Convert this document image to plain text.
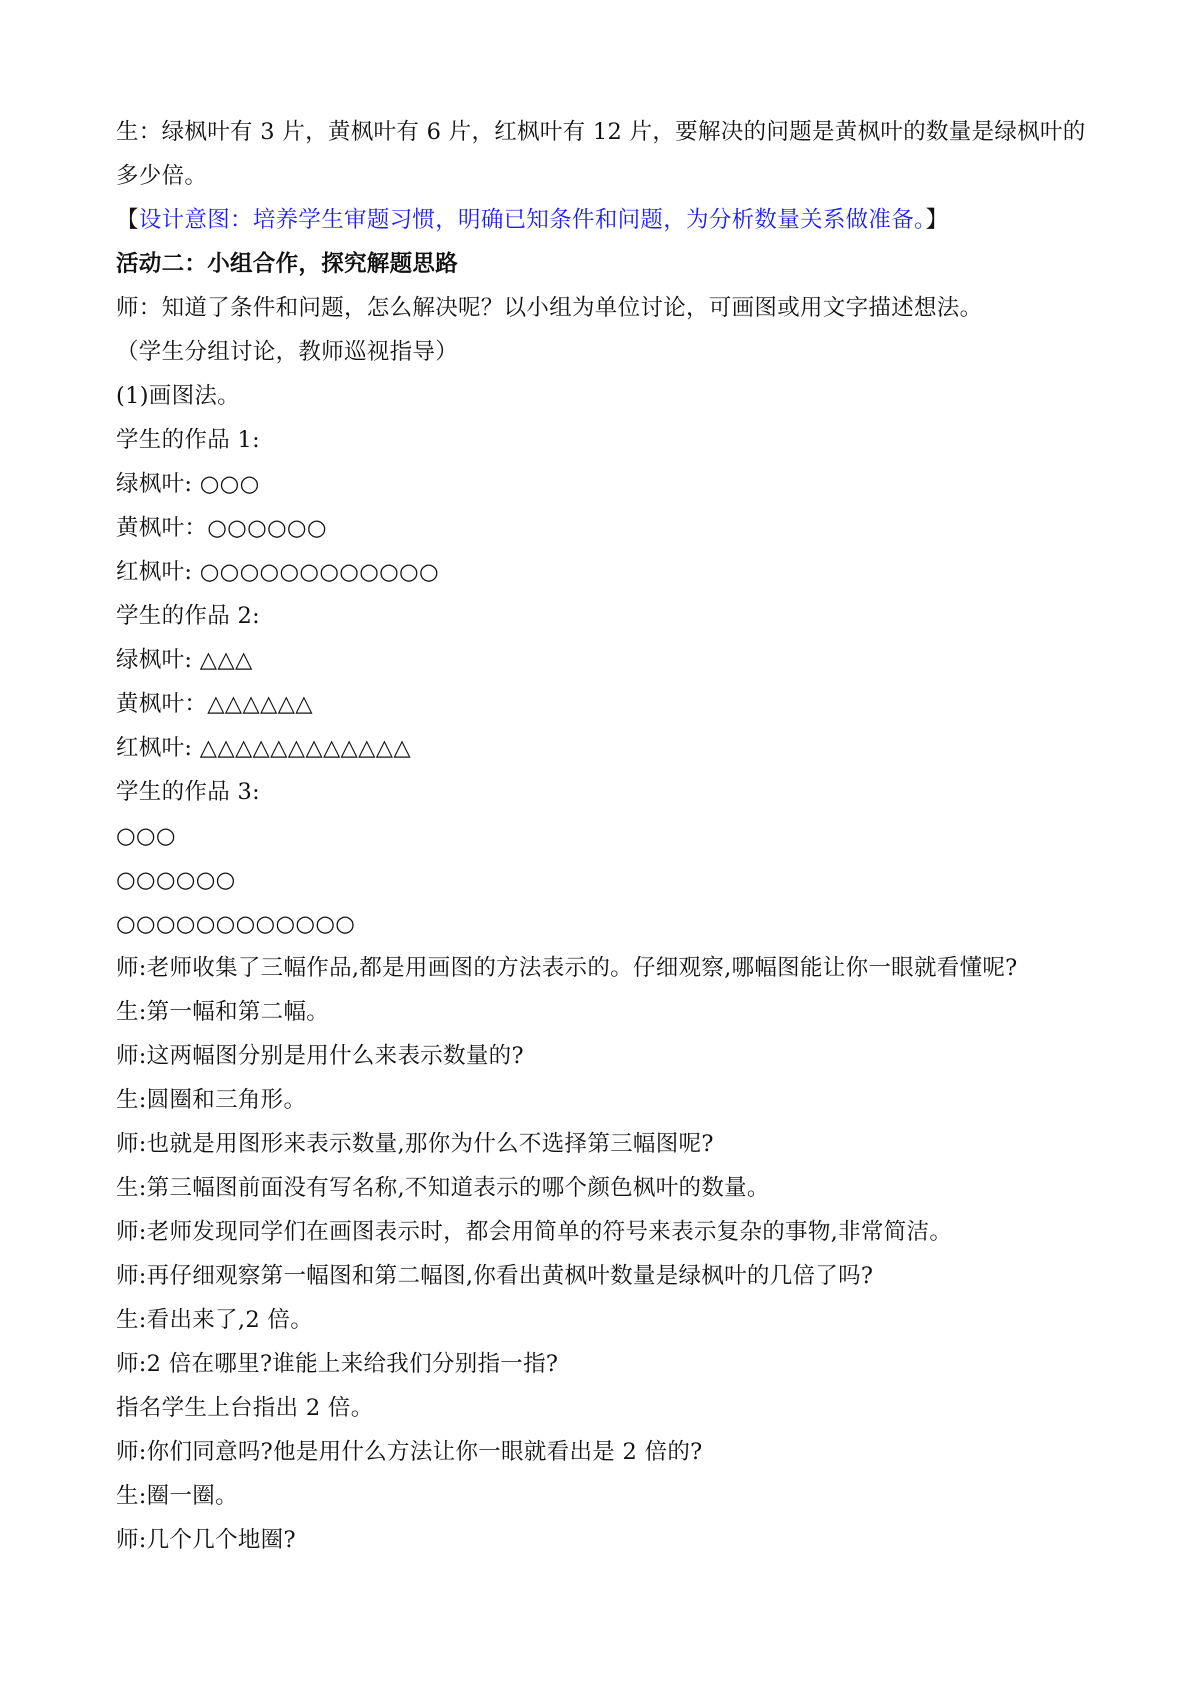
生：绿枫叶有 3 片，黄枫叶有 6 片，红枫叶有 12 片，要解决的问题是黄枫叶的数量是绿枫叶的多少倍。
【设计意图：培养学生审题习惯，明确已知条件和问题，为分析数量关系做准备。】
活动二：小组合作，探究解题思路
师：知道了条件和问题，怎么解决呢？以小组为单位讨论，可画图或用文字描述想法。
（学生分组讨论，教师巡视指导）
(1)画图法。
学生的作品 1:
绿枫叶: ○○○
黄枫叶：○○○○○○
红枫叶: ○○○○○○○○○○○○
学生的作品 2:
绿枫叶: △△△
黄枫叶：△△△△△△
红枫叶: △△△△△△△△△△△△
学生的作品 3:
○○○
○○○○○○
○○○○○○○○○○○○
师:老师收集了三幅作品,都是用画图的方法表示的。仔细观察,哪幅图能让你一眼就看懂呢?
生:第一幅和第二幅。
师:这两幅图分别是用什么来表示数量的?
生:圆圈和三角形。
师:也就是用图形来表示数量,那你为什么不选择第三幅图呢?
生:第三幅图前面没有写名称,不知道表示的哪个颜色枫叶的数量。
师:老师发现同学们在画图表示时，都会用简单的符号来表示复杂的事物,非常简洁。
师:再仔细观察第一幅图和第二幅图,你看出黄枫叶数量是绿枫叶的几倍了吗?
生:看出来了,2 倍。
师:2 倍在哪里?谁能上来给我们分别指一指?
指名学生上台指出 2 倍。
师:你们同意吗?他是用什么方法让你一眼就看出是 2 倍的?
生:圈一圈。
师:几个几个地圈?
